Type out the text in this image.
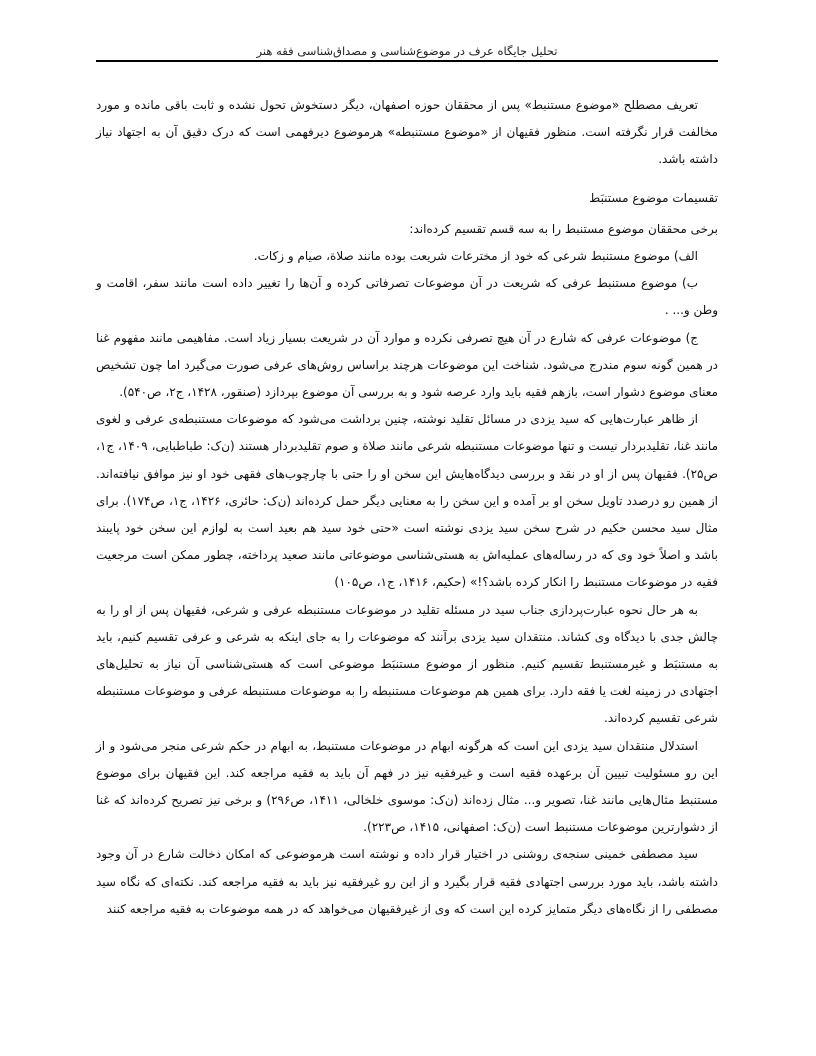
تحلیل جایگاه عرف در موضوع‌شناسی و مصداق‌شناسی فقه هنر

تعریف مصطلح «موضوع مستنبط» پس از محققان حوزه اصفهان، دیگر دستخوش تحول نشده و ثابت باقی مانده و مورد مخالفت قرار نگرفته است. منظور فقیهان از «موضوع مستنبطه» هرموضوع دیرفهمی است که درک دقیق آن به اجتهاد نیاز داشته باشد.

تقسیمات موضوع مستنبَط

برخی محققان موضوع مستنبط را به سه قسم تقسیم کرده‌اند:

الف) موضوع مستنبط شرعی که خود از مخترعات شریعت بوده مانند صلاة، صیام و زکات.

ب) موضوع مستنبط عرفی که شریعت در آن موضوعات تصرفاتی کرده و آن‌ها را تغییر داده است مانند سفر، اقامت و وطن و... .

ج) موضوعات عرفی که شارع در آن هیچ تصرفی نکرده و موارد آن در شریعت بسیار زیاد است. مفاهیمی مانند مفهوم غنا در همین گونه سوم مندرج می‌شود. شناخت این موضوعات هرچند براساس روش‌های عرفی صورت می‌گیرد اما چون تشخیص معنای موضوع دشوار است، بازهم فقیه باید وارد عرصه شود و به بررسی آن موضوع بپردازد (صنقور، ۱۴۲۸، ج۲، ص۵۴۰).

از ظاهر عبارت‌هایی که سید یزدی در مسائل تقلید نوشته، چنین برداشت می‌شود که موضوعات مستنبطه‌ی عرفی و لغوی مانند غنا، تقلیدبردار نیست و تنها موضوعات مستنبطه شرعی مانند صلاة و صوم تقلیدبردار هستند (ن‌ک: طباطبایی، ۱۴۰۹، ج۱، ص۲۵). فقیهان پس از او در نقد و بررسی دیدگاه‌هایش این سخن او را حتی با چارچوب‌های فقهی خود او نیز موافق نیافته‌اند. از همین رو درصدد تاویل سخن او بر آمده و این سخن را به معنایی دیگر حمل کرده‌اند (ن‌ک: حائری، ۱۴۲۶، ج۱، ص۱۷۴). برای مثال سید محسن حکیم در شرح سخن سید یزدی نوشته است «حتی خود سید هم بعید است به لوازم این سخن خود پایبند باشد و اصلاً خود وی که در رساله‌های عملیه‌اش به هستی‌شناسی موضوعاتی مانند صعید پرداخته، چطور ممکن است مرجعیت فقیه در موضوعات مستنبط را انکار کرده باشد؟!» (حکیم، ۱۴۱۶، ج۱، ص۱۰۵)

به هر حال نحوه عبارت‌پردازی جناب سید در مسئله تقلید در موضوعات مستنبطه عرفی و شرعی، فقیهان پس از او را به چالش جدی با دیدگاه وی کشاند. منتقدان سید یزدی برآنند که موضوعات را به جای اینکه به شرعی و عرفی تقسیم کنیم، باید به مستنبَط و غیرمستنبط تقسیم کنیم. منظور از موضوع مستنبَط موضوعی است که هستی‌شناسی آن نیاز به تحلیل‌های اجتهادی در زمینه لغت یا فقه دارد. برای همین هم موضوعات مستنبطه را به موضوعات مستنبطه عرفی و موضوعات مستنبطه شرعی تقسیم کرده‌اند.

استدلال منتقدان سید یزدی این است که هرگونه ابهام در موضوعات مستنبط، به ابهام در حکم شرعی منجر می‌شود و از این رو مسئولیت تبیین آن برعهده فقیه است و غیرفقیه نیز در فهم آن باید به فقیه مراجعه کند. این فقیهان برای موضوع مستنبط مثال‌هایی مانند غنا، تصویر و... مثال زده‌اند (ن‌ک: موسوی خلخالی، ۱۴۱۱، ص۲۹۶) و برخی نیز تصریح کرده‌اند که غنا از دشوارترین موضوعات مستنبط است (ن‌ک: اصفهانی، ۱۴۱۵، ص۲۲۳).

سید مصطفی خمینی سنجه‌ی روشنی در اختیار قرار داده و نوشته است هرموضوعی که امکان دخالت شارع در آن وجود داشته باشد، باید مورد بررسی اجتهادی فقیه قرار بگیرد و از این رو غیرفقیه نیز باید به فقیه مراجعه کند. نکته‌ای که نگاه سید مصطفی را از نگاه‌های دیگر متمایز کرده این است که وی از غیرفقیهان می‌خواهد که در همه موضوعات به فقیه مراجعه کنند
